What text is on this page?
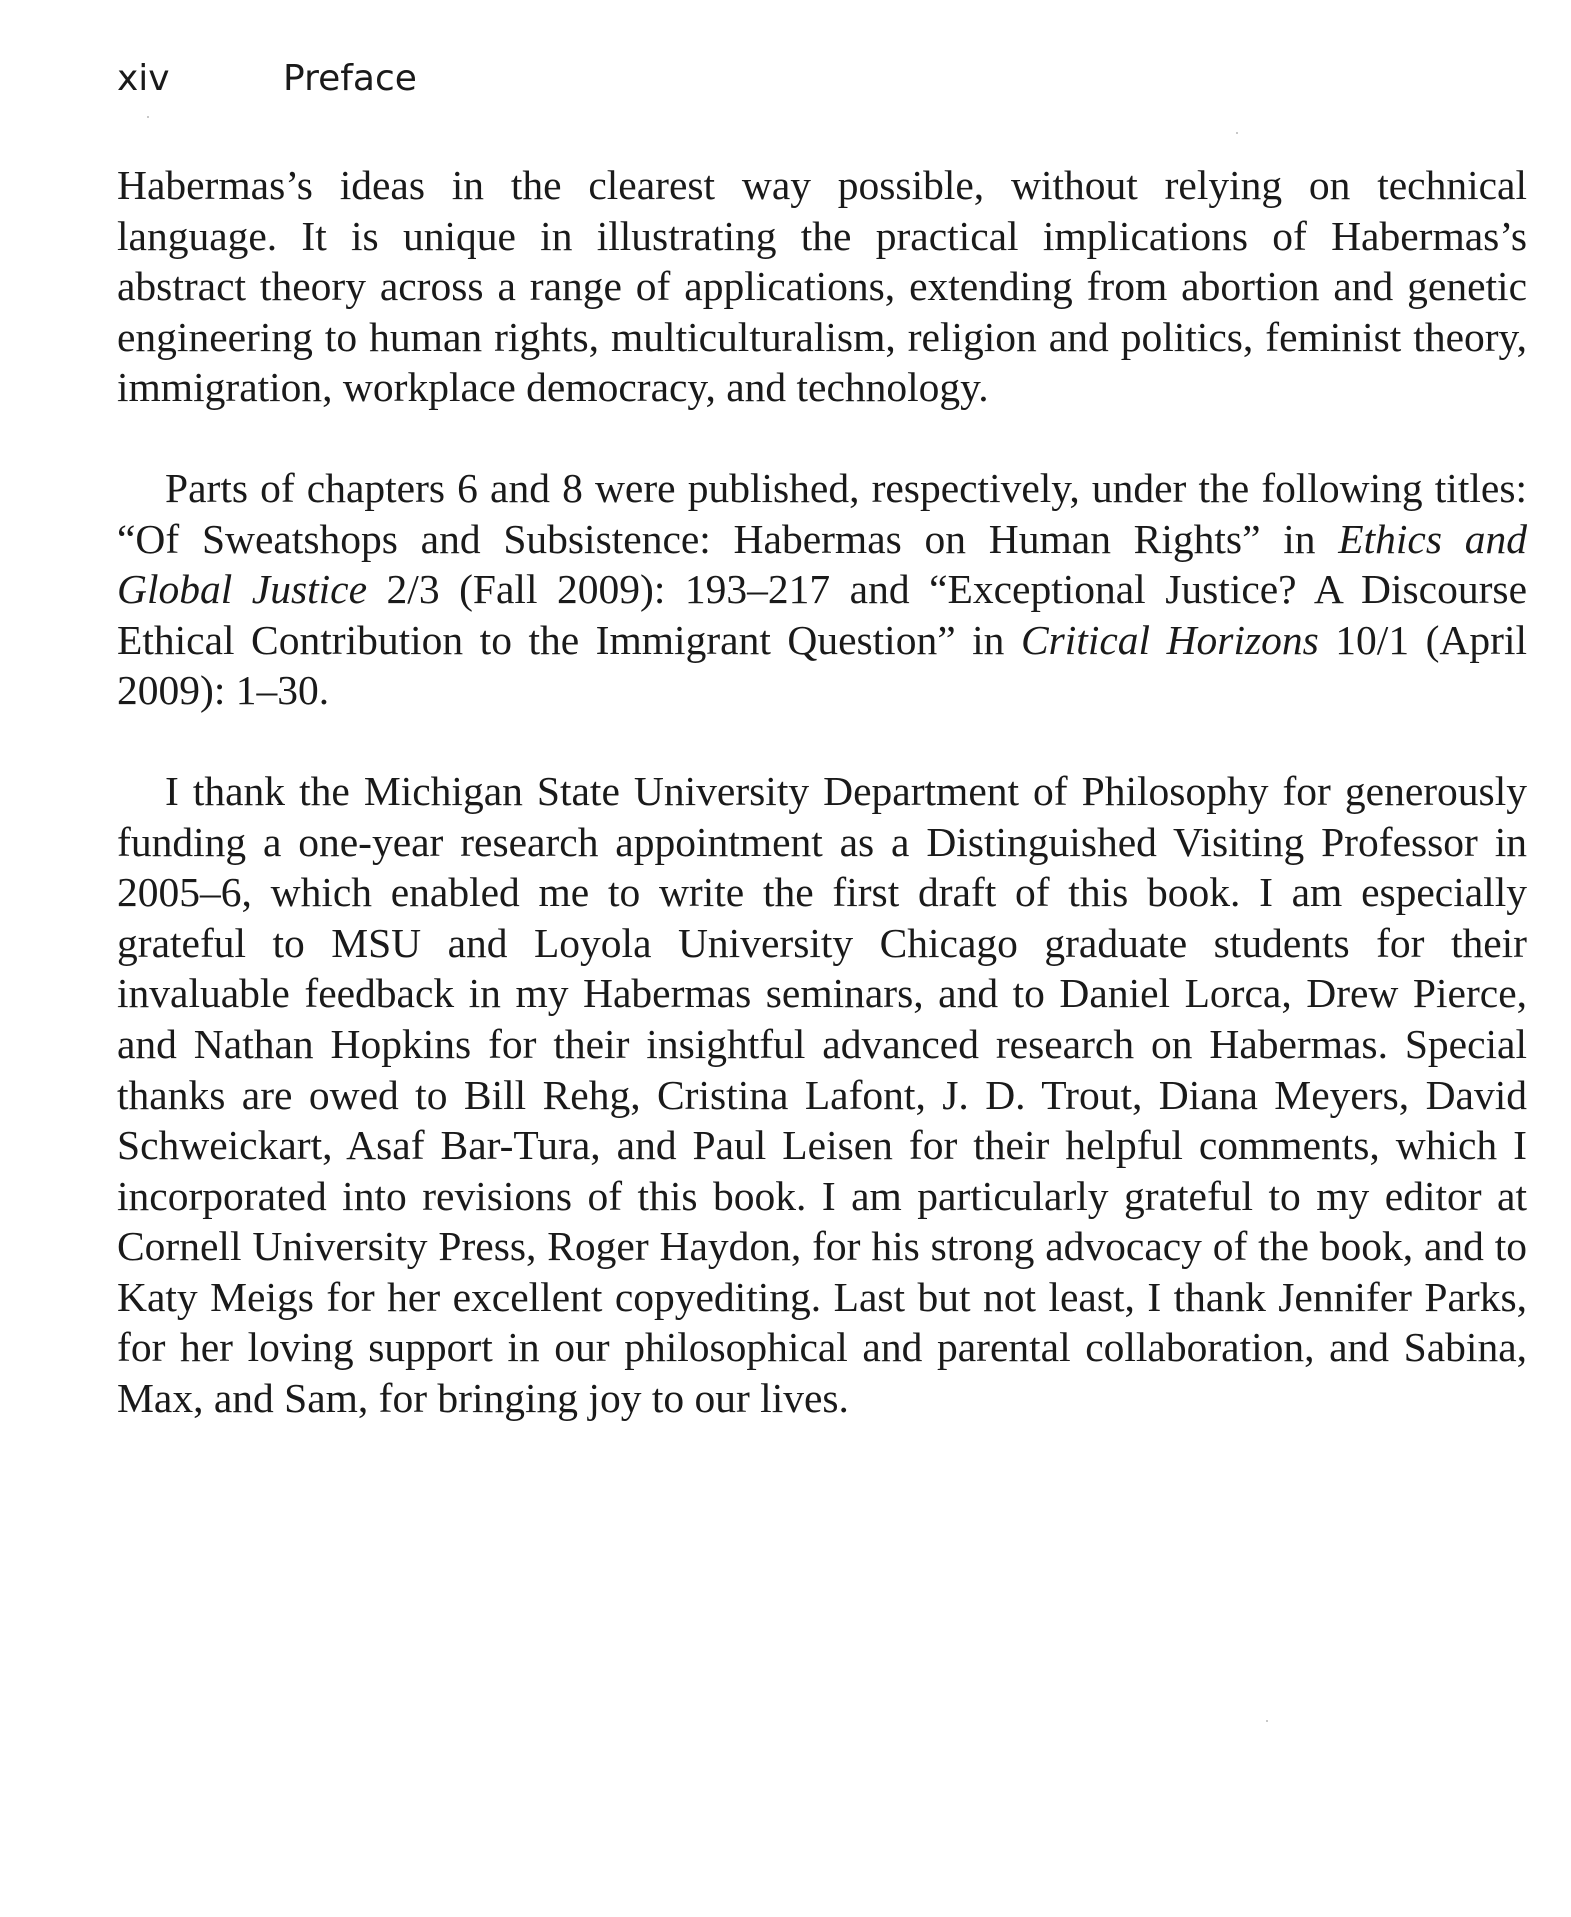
xiv	Preface

Habermas’s ideas in the clearest way possible, without relying on technical language. It is unique in illustrating the practical implications of Habermas’s abstract theory across a range of applications, extending from abortion and genetic engineering to human rights, multiculturalism, religion and politics, feminist theory, immigration, workplace democracy, and technology.

Parts of chapters 6 and 8 were published, respectively, under the following titles: “Of Sweatshops and Subsistence: Habermas on Human Rights” in Ethics and Global Justice 2/3 (Fall 2009): 193–217 and “Exceptional Justice? A Discourse Ethical Contribution to the Immigrant Question” in Critical Horizons 10/1 (April 2009): 1–30.

I thank the Michigan State University Department of Philosophy for generously funding a one-year research appointment as a Distinguished Visiting Professor in 2005–6, which enabled me to write the first draft of this book. I am especially grateful to MSU and Loyola University Chicago graduate students for their invaluable feedback in my Habermas seminars, and to Daniel Lorca, Drew Pierce, and Nathan Hopkins for their insightful advanced research on Habermas. Special thanks are owed to Bill Rehg, Cristina Lafont, J. D. Trout, Diana Meyers, David Schweickart, Asaf Bar-Tura, and Paul Leisen for their helpful comments, which I incorporated into revisions of this book. I am particularly grateful to my editor at Cornell University Press, Roger Haydon, for his strong advocacy of the book, and to Katy Meigs for her excellent copyediting. Last but not least, I thank Jennifer Parks, for her loving support in our philosophical and parental collaboration, and Sabina, Max, and Sam, for bringing joy to our lives.
